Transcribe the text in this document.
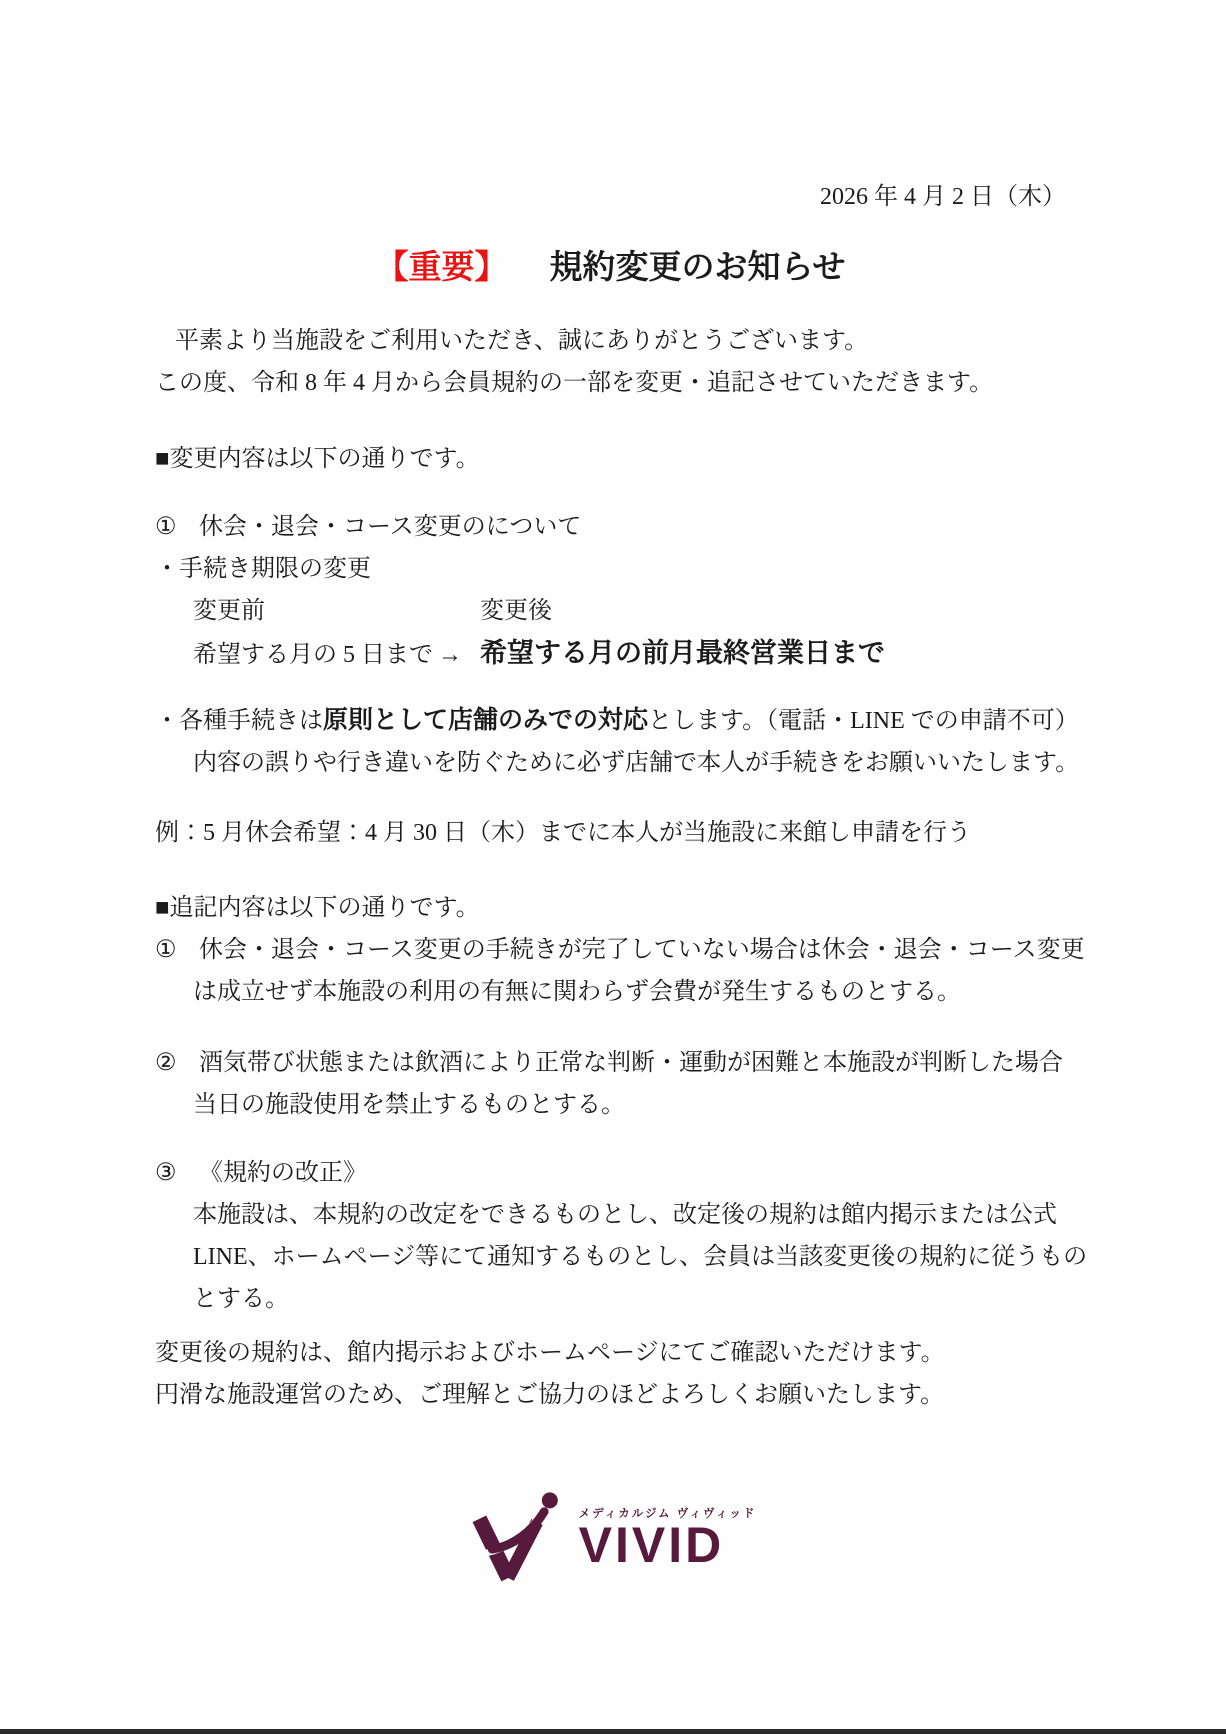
2026 年 4 月 2 日（木）
【重要】 規約変更のお知らせ
平素より当施設をご利用いただき、誠にありがとうございます。
この度、令和 8 年 4 月から会員規約の一部を変更・追記させていただきます。
■変更内容は以下の通りです。
① 休会・退会・コース変更のについて
・手続き期限の変更
変更前	変更後
希望する月の 5 日まで → 希望する月の前月最終営業日まで
・各種手続きは原則として店舗のみでの対応とします。（電話・LINE での申請不可）
内容の誤りや行き違いを防ぐために必ず店舗で本人が手続きをお願いいたします。
例：5 月休会希望：4 月 30 日（木）までに本人が当施設に来館し申請を行う
■追記内容は以下の通りです。
① 休会・退会・コース変更の手続きが完了していない場合は休会・退会・コース変更
は成立せず本施設の利用の有無に関わらず会費が発生するものとする。
② 酒気帯び状態または飲酒により正常な判断・運動が困難と本施設が判断した場合
当日の施設使用を禁止するものとする。
③ 《規約の改正》
本施設は、本規約の改定をできるものとし、改定後の規約は館内掲示または公式
LINE、ホームページ等にて通知するものとし、会員は当該変更後の規約に従うもの
とする。
変更後の規約は、館内掲示およびホームページにてご確認いただけます。
円滑な施設運営のため、ご理解とご協力のほどよろしくお願いたします。
メディカルジム ヴィヴィッド
VIVID
